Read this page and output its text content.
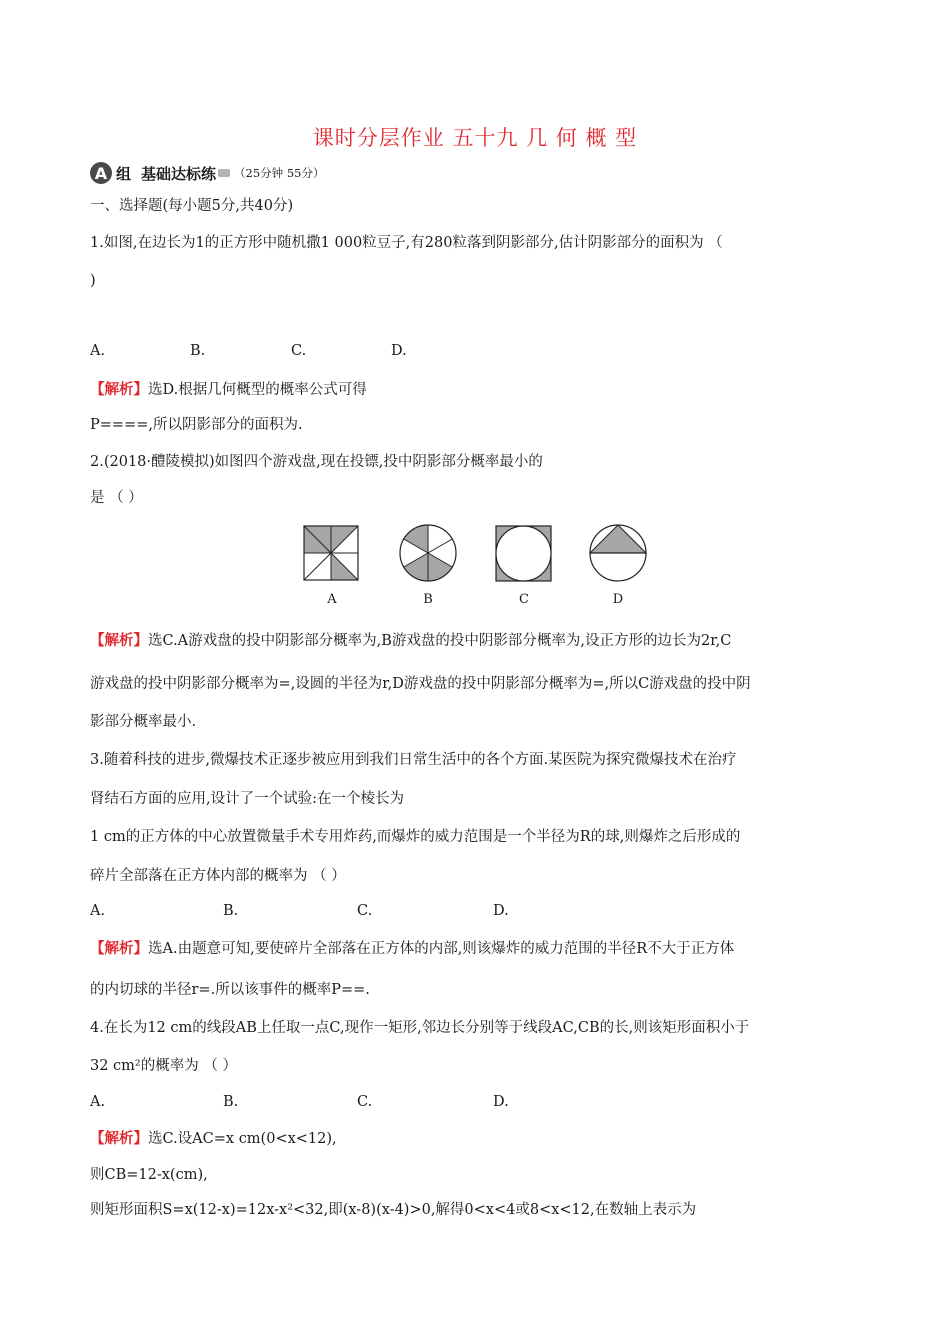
课时分层作业 五十九 几 何 概 型
A 组 基础达标练 （25分钟 55分）
一、选择题(每小题5分,共40分)
1.如图,在边长为1的正方形中随机撒1 000粒豆子,有280粒落到阴影部分,估计阴影部分的面积为 （
)
A.	B.	C.	D.
【解析】选D.根据几何概型的概率公式可得
P====,所以阴影部分的面积为.
2.(2018·醴陵模拟)如图四个游戏盘,现在投镖,投中阴影部分概率最小的
是 （ ）
A	B	C	D
【解析】选C.A游戏盘的投中阴影部分概率为,B游戏盘的投中阴影部分概率为,设正方形的边长为2r,C
游戏盘的投中阴影部分概率为=,设圆的半径为r,D游戏盘的投中阴影部分概率为=,所以C游戏盘的投中阴
影部分概率最小.
3.随着科技的进步,微爆技术正逐步被应用到我们日常生活中的各个方面.某医院为探究微爆技术在治疗
肾结石方面的应用,设计了一个试验:在一个棱长为
1 cm的正方体的中心放置微量手术专用炸药,而爆炸的威力范围是一个半径为R的球,则爆炸之后形成的
碎片全部落在正方体内部的概率为 （ ）
A.	B.	C.	D.
【解析】选A.由题意可知,要使碎片全部落在正方体的内部,则该爆炸的威力范围的半径R不大于正方体
的内切球的半径r=.所以该事件的概率P==.
4.在长为12 cm的线段AB上任取一点C,现作一矩形,邻边长分别等于线段AC,CB的长,则该矩形面积小于
32 cm²的概率为 （ ）
A.	B.	C.	D.
【解析】选C.设AC=x cm(0<x<12),
则CB=12-x(cm),
则矩形面积S=x(12-x)=12x-x²<32,即(x-8)(x-4)>0,解得0<x<4或8<x<12,在数轴上表示为
